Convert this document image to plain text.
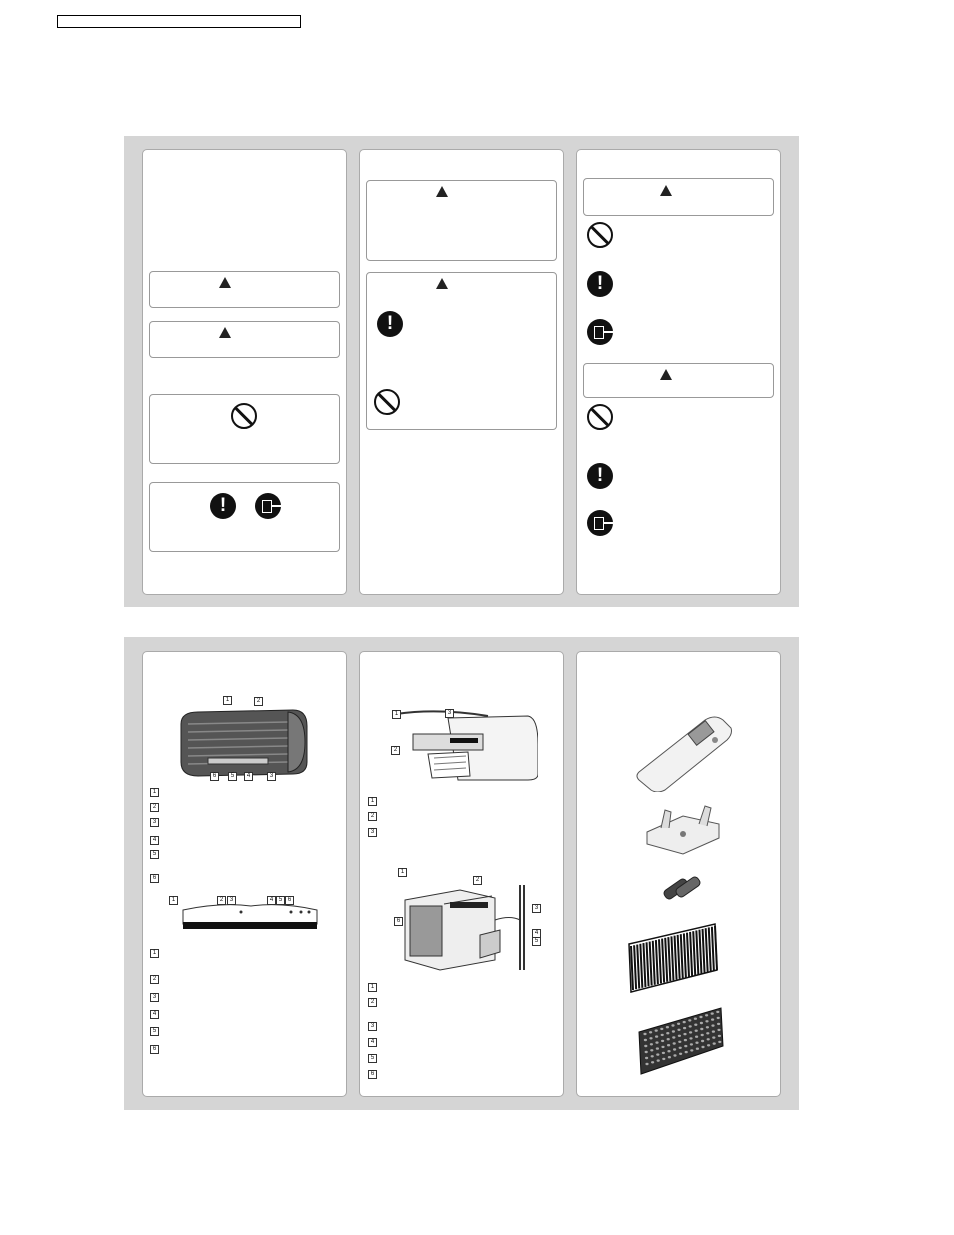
!
!
!
!
1	2
6	5	4	3
1
2
3
4
5
6
1	2	3	4 5 6
1
2
3
4
5
6
1	3
2
1
2
3
1
2
6
3
4
5
1
2
3
4
5
6
